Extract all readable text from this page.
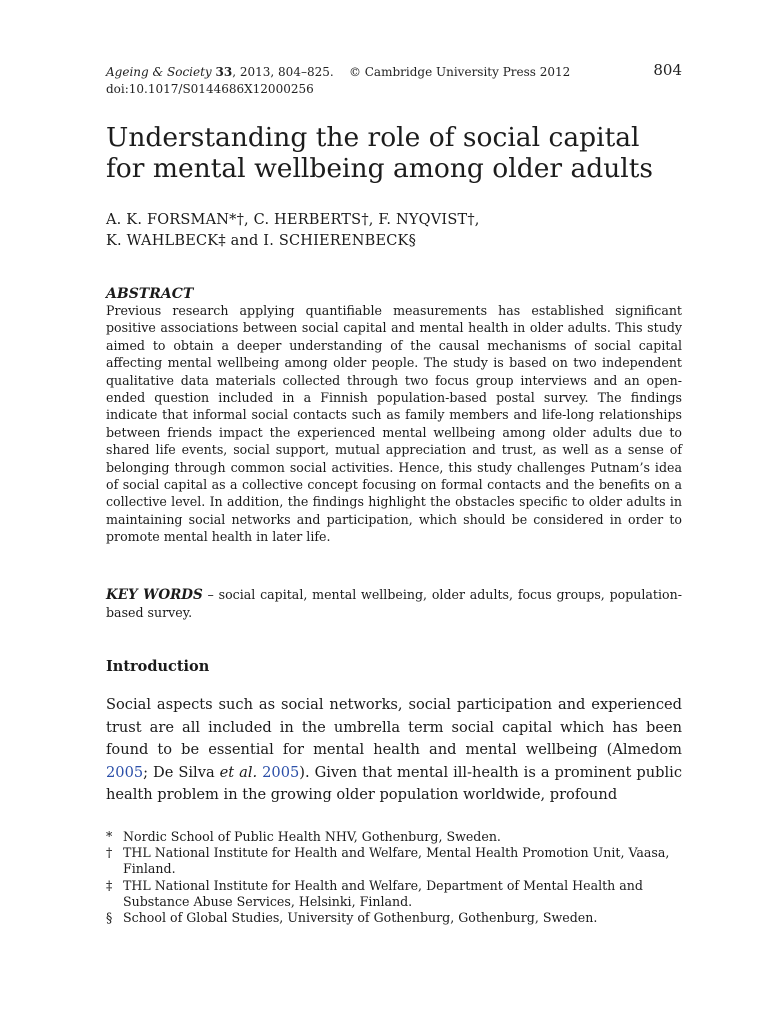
Ageing & Society 33, 2013, 804–825. © Cambridge University Press 2012
doi:10.1017/S0144686X12000256
804
Understanding the role of social capital
for mental wellbeing among older adults
A. K. FORSMAN*†, C. HERBERTS†, F. NYQVIST†,
K. WAHLBECK‡ and I. SCHIERENBECK§
ABSTRACT

Previous research applying quantifiable measurements has established significant positive associations between social capital and mental health in older adults. This study aimed to obtain a deeper understanding of the causal mechanisms of social capital affecting mental wellbeing among older people. The study is based on two independent qualitative data materials collected through two focus group interviews and an open-ended question included in a Finnish population-based postal survey. The findings indicate that informal social contacts such as family members and life-long relationships between friends impact the experienced mental wellbeing among older adults due to shared life events, social support, mutual appreciation and trust, as well as a sense of belonging through common social activities. Hence, this study challenges Putnam’s idea of social capital as a collective concept focusing on formal contacts and the benefits on a collective level. In addition, the findings highlight the obstacles specific to older adults in maintaining social networks and participation, which should be considered in order to promote mental health in later life.

KEY WORDS – social capital, mental wellbeing, older adults, focus groups, population-based survey.

Introduction

Social aspects such as social networks, social participation and experienced trust are all included in the umbrella term social capital which has been found to be essential for mental health and mental wellbeing (Almedom 2005; De Silva et al. 2005). Given that mental ill-health is a prominent public health problem in the growing older population worldwide, profound

* Nordic School of Public Health NHV, Gothenburg, Sweden.
† THL National Institute for Health and Welfare, Mental Health Promotion Unit, Vaasa, Finland.
‡ THL National Institute for Health and Welfare, Department of Mental Health and Substance Abuse Services, Helsinki, Finland.
§ School of Global Studies, University of Gothenburg, Gothenburg, Sweden.
